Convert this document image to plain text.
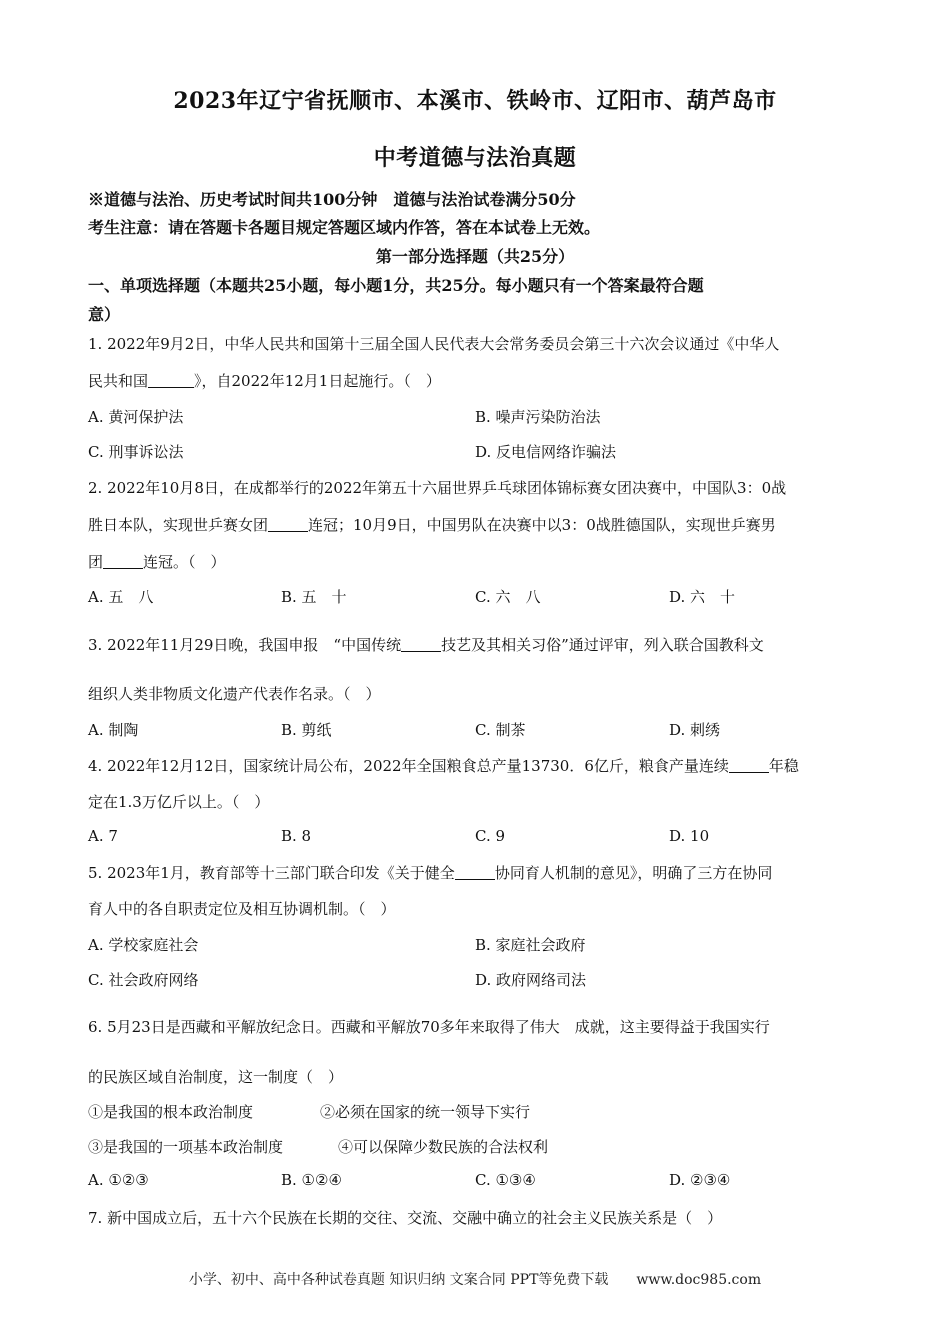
2023年辽宁省抚顺市、本溪市、铁岭市、辽阳市、葫芦岛市
中考道德与法治真题
※道德与法治、历史考试时间共100分钟　道德与法治试卷满分50分
考生注意：请在答题卡各题目规定答题区域内作答，答在本试卷上无效。
第一部分选择题（共25分）
一、单项选择题（本题共25小题，每小题1分，共25分。每小题只有一个答案最符合题
意）
1. 2022年9月2日，中华人民共和国第十三届全国人民代表大会常务委员会第三十六次会议通过《中华人
民共和国	》，自2022年12月1日起施行。（　）
A. 黄河保护法	B. 噪声污染防治法
C. 刑事诉讼法	D. 反电信网络诈骗法
2. 2022年10月8日，在成都举行的2022年第五十六届世界乒乓球团体锦标赛女团决赛中，中国队3：0战
胜日本队，实现世乒赛女团	连冠；10月9日，中国男队在决赛中以3：0战胜德国队，实现世乒赛男
团	连冠。（　）
A. 五　八	B. 五　十	C. 六　八	D. 六　十
3. 2022年11月29日晚，我国申报　“中国传统	技艺及其相关习俗”通过评审，列入联合国教科文
组织人类非物质文化遗产代表作名录。（　）
A. 制陶	B. 剪纸	C. 制茶	D. 刺绣
4. 2022年12月12日，国家统计局公布，2022年全国粮食总产量13730．6亿斤，粮食产量连续	年稳
定在1.3万亿斤以上。（　）
A. 7	B. 8	C. 9	D. 10
5. 2023年1月，教育部等十三部门联合印发《关于健全	协同育人机制的意见》，明确了三方在协同
育人中的各自职责定位及相互协调机制。（　）
A. 学校家庭社会	B. 家庭社会政府
C. 社会政府网络	D. 政府网络司法
6. 5月23日是西藏和平解放纪念日。西藏和平解放70多年来取得了伟大　成就，这主要得益于我国实行
的民族区域自治制度，这一制度（　）
①是我国的根本政治制度	②必须在国家的统一领导下实行
③是我国的一项基本政治制度	④可以保障少数民族的合法权利
A. ①②③	B. ①②④	C. ①③④	D. ②③④
7. 新中国成立后，五十六个民族在长期的交往、交流、交融中确立的社会主义民族关系是（　）
小学、初中、高中各种试卷真题 知识归纳 文案合同 PPT等免费下载　　www.doc985.com
